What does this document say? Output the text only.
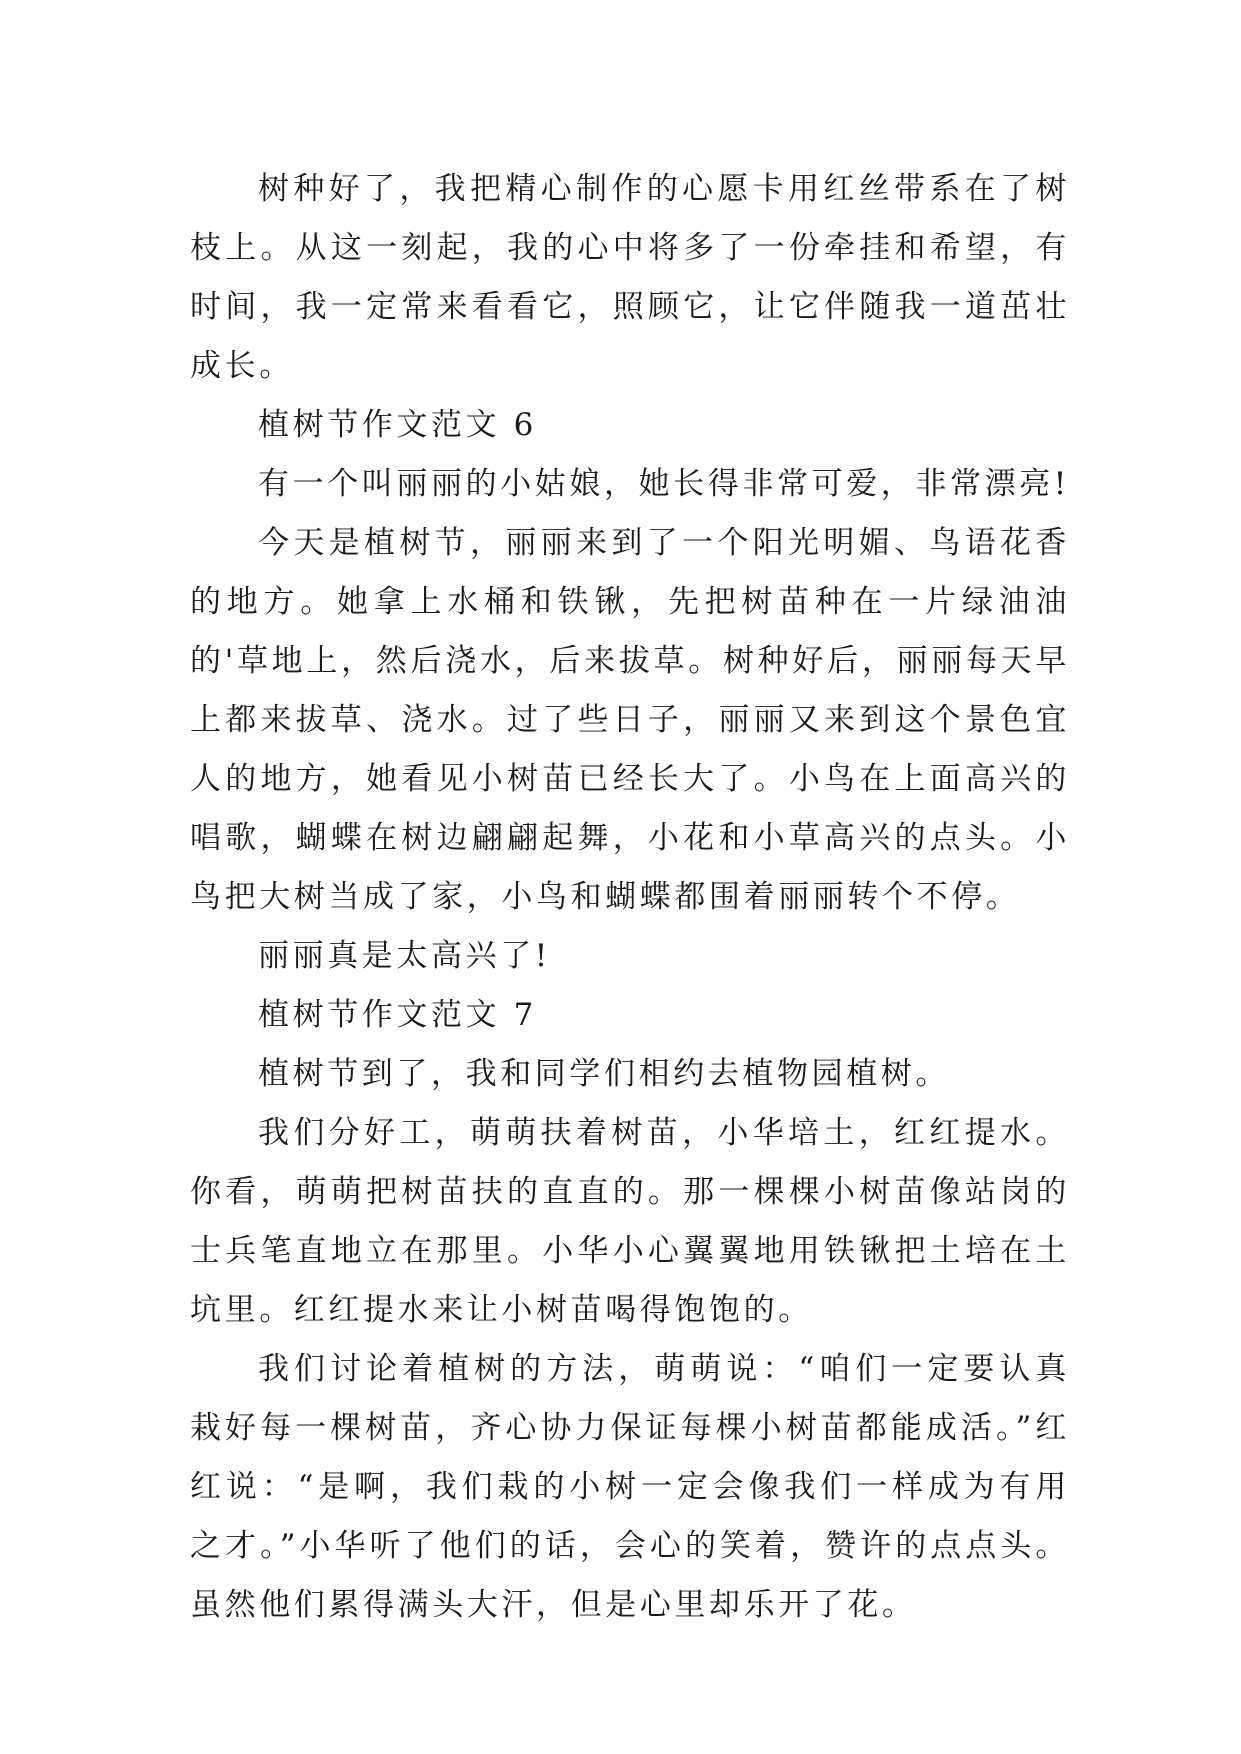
树种好了，我把精心制作的心愿卡用红丝带系在了树枝上。从这一刻起，我的心中将多了一份牵挂和希望，有时间，我一定常来看看它，照顾它，让它伴随我一道茁壮成长。

植树节作文范文 6

有一个叫丽丽的小姑娘，她长得非常可爱，非常漂亮!

今天是植树节，丽丽来到了一个阳光明媚、鸟语花香的地方。她拿上水桶和铁锹，先把树苗种在一片绿油油的'草地上，然后浇水，后来拔草。树种好后，丽丽每天早上都来拔草、浇水。过了些日子，丽丽又来到这个景色宜人的地方，她看见小树苗已经长大了。小鸟在上面高兴的唱歌，蝴蝶在树边翩翩起舞，小花和小草高兴的点头。小鸟把大树当成了家，小鸟和蝴蝶都围着丽丽转个不停。

丽丽真是太高兴了!

植树节作文范文 7

植树节到了，我和同学们相约去植物园植树。

我们分好工，萌萌扶着树苗，小华培土，红红提水。你看，萌萌把树苗扶的直直的。那一棵棵小树苗像站岗的士兵笔直地立在那里。小华小心翼翼地用铁锹把土培在土坑里。红红提水来让小树苗喝得饱饱的。

我们讨论着植树的方法，萌萌说：“咱们一定要认真栽好每一棵树苗，齐心协力保证每棵小树苗都能成活。”红红说：“是啊，我们栽的小树一定会像我们一样成为有用之才。”小华听了他们的话，会心的笑着，赞许的点点头。虽然他们累得满头大汗，但是心里却乐开了花。
